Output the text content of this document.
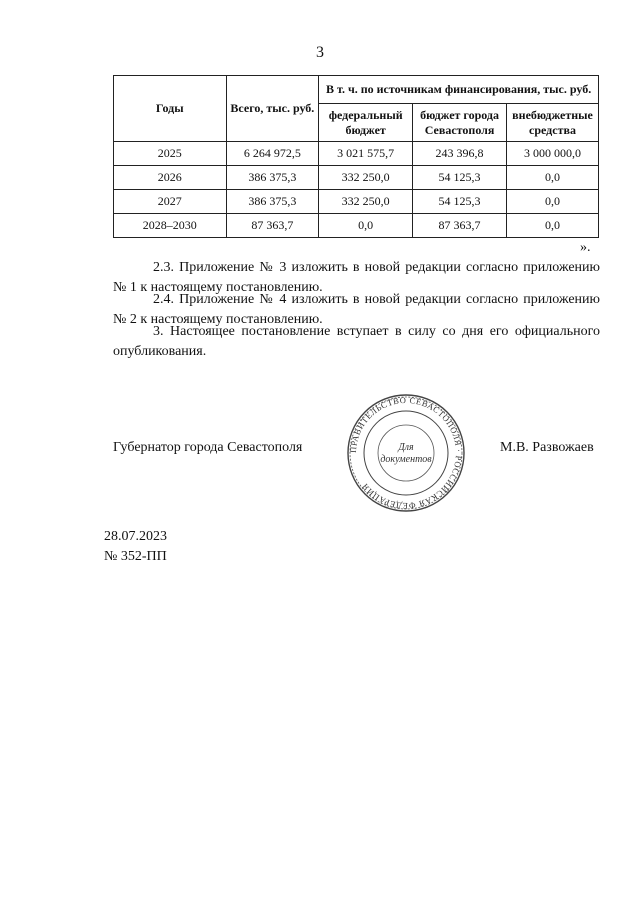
3
Годы	Всего, тыс. руб.	В т. ч. по источникам финансирования, тыс. руб.		
		федеральный бюджет	бюджет города Севастополя	внебюджетные средства
2025	6 264 972,5	3 021 575,7	243 396,8	3 000 000,0
2026	386 375,3	332 250,0	54 125,3	0,0
2027	386 375,3	332 250,0	54 125,3	0,0
2028–2030	87 363,7	0,0	87 363,7	0,0
».
2.3. Приложение № 3 изложить в новой редакции согласно приложению № 1 к настоящему постановлению.
2.4. Приложение № 4 изложить в новой редакции согласно приложению № 2 к настоящему постановлению.
3. Настоящее постановление вступает в силу со дня его официального опубликования.
Губернатор города Севастополя	ПРАВИТЕЛЬСТВО СЕВАСТОПОЛЯ · РОССИЙСКАЯ ФЕДЕРАЦИЯ
Для
документов
М.В. Развожаев
28.07.2023
№ 352-ПП
